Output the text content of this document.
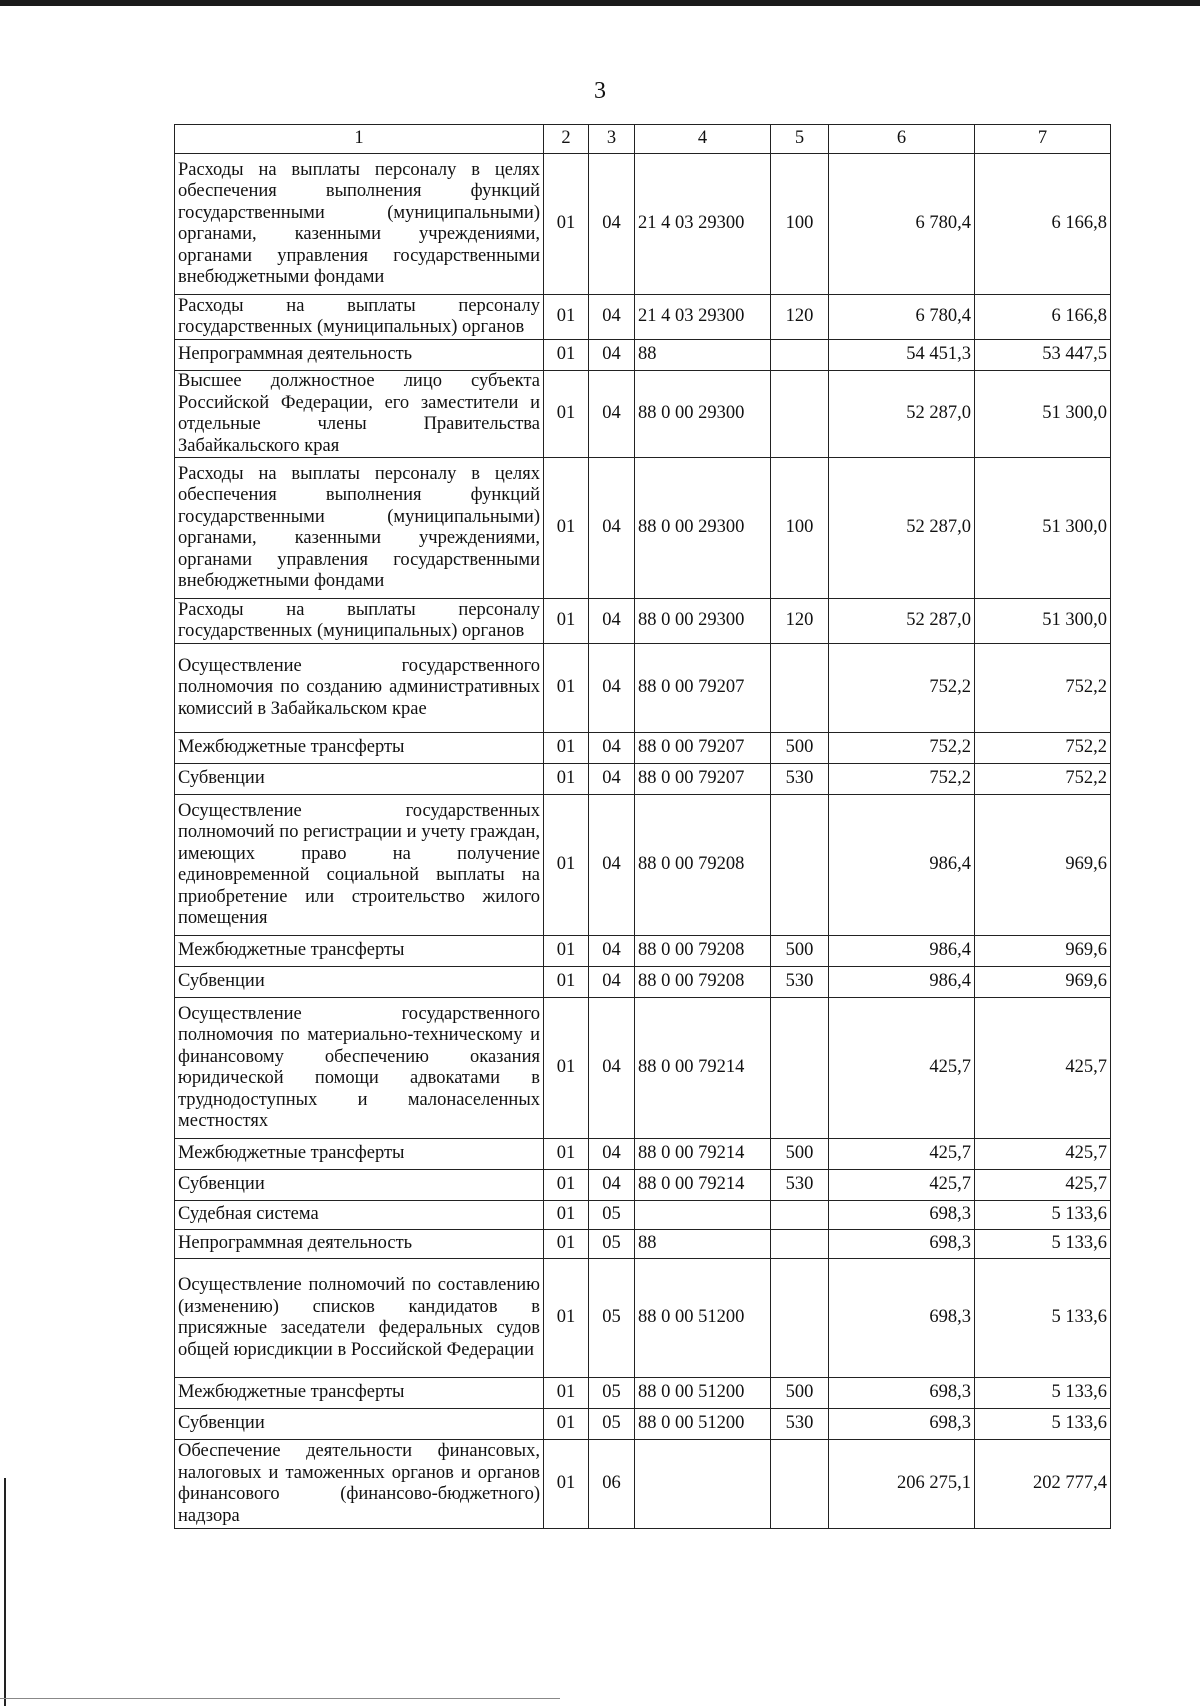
3
1	2	3	4	5	6	7
Расходы на выплаты персоналу в целях обеспечения выполнения функций государственными (муниципальными) органами, казенными учреждениями, органами управления государственными внебюджетными фондами	01	04	21 4 03 29300	100	6 780,4	6 166,8
Расходы на выплаты персоналу государственных (муниципальных) органов	01	04	21 4 03 29300	120	6 780,4	6 166,8
Непрограммная деятельность	01	04	88		54 451,3	53 447,5
Высшее должностное лицо субъекта Российской Федерации, его заместители и отдельные члены Правительства Забайкальского края	01	04	88 0 00 29300		52 287,0	51 300,0
Расходы на выплаты персоналу в целях обеспечения выполнения функций государственными (муниципальными) органами, казенными учреждениями, органами управления государственными внебюджетными фондами	01	04	88 0 00 29300	100	52 287,0	51 300,0
Расходы на выплаты персоналу государственных (муниципальных) органов	01	04	88 0 00 29300	120	52 287,0	51 300,0
Осуществление государственного полномочия по созданию административных комиссий в Забайкальском крае	01	04	88 0 00 79207		752,2	752,2
Межбюджетные трансферты	01	04	88 0 00 79207	500	752,2	752,2
Субвенции	01	04	88 0 00 79207	530	752,2	752,2
Осуществление государственных полномочий по регистрации и учету граждан, имеющих право на получение единовременной социальной выплаты на приобретение или строительство жилого помещения	01	04	88 0 00 79208		986,4	969,6
Межбюджетные трансферты	01	04	88 0 00 79208	500	986,4	969,6
Субвенции	01	04	88 0 00 79208	530	986,4	969,6
Осуществление государственного полномочия по материально-техническому и финансовому обеспечению оказания юридической помощи адвокатами в труднодоступных и малонаселенных местностях	01	04	88 0 00 79214		425,7	425,7
Межбюджетные трансферты	01	04	88 0 00 79214	500	425,7	425,7
Субвенции	01	04	88 0 00 79214	530	425,7	425,7
Судебная система	01	05			698,3	5 133,6
Непрограммная деятельность	01	05	88		698,3	5 133,6
Осуществление полномочий по составлению (изменению) списков кандидатов в присяжные заседатели федеральных судов общей юрисдикции в Российской Федерации	01	05	88 0 00 51200		698,3	5 133,6
Межбюджетные трансферты	01	05	88 0 00 51200	500	698,3	5 133,6
Субвенции	01	05	88 0 00 51200	530	698,3	5 133,6
Обеспечение деятельности финансовых, налоговых и таможенных органов и органов финансового (финансово-бюджетного) надзора	01	06			206 275,1	202 777,4
